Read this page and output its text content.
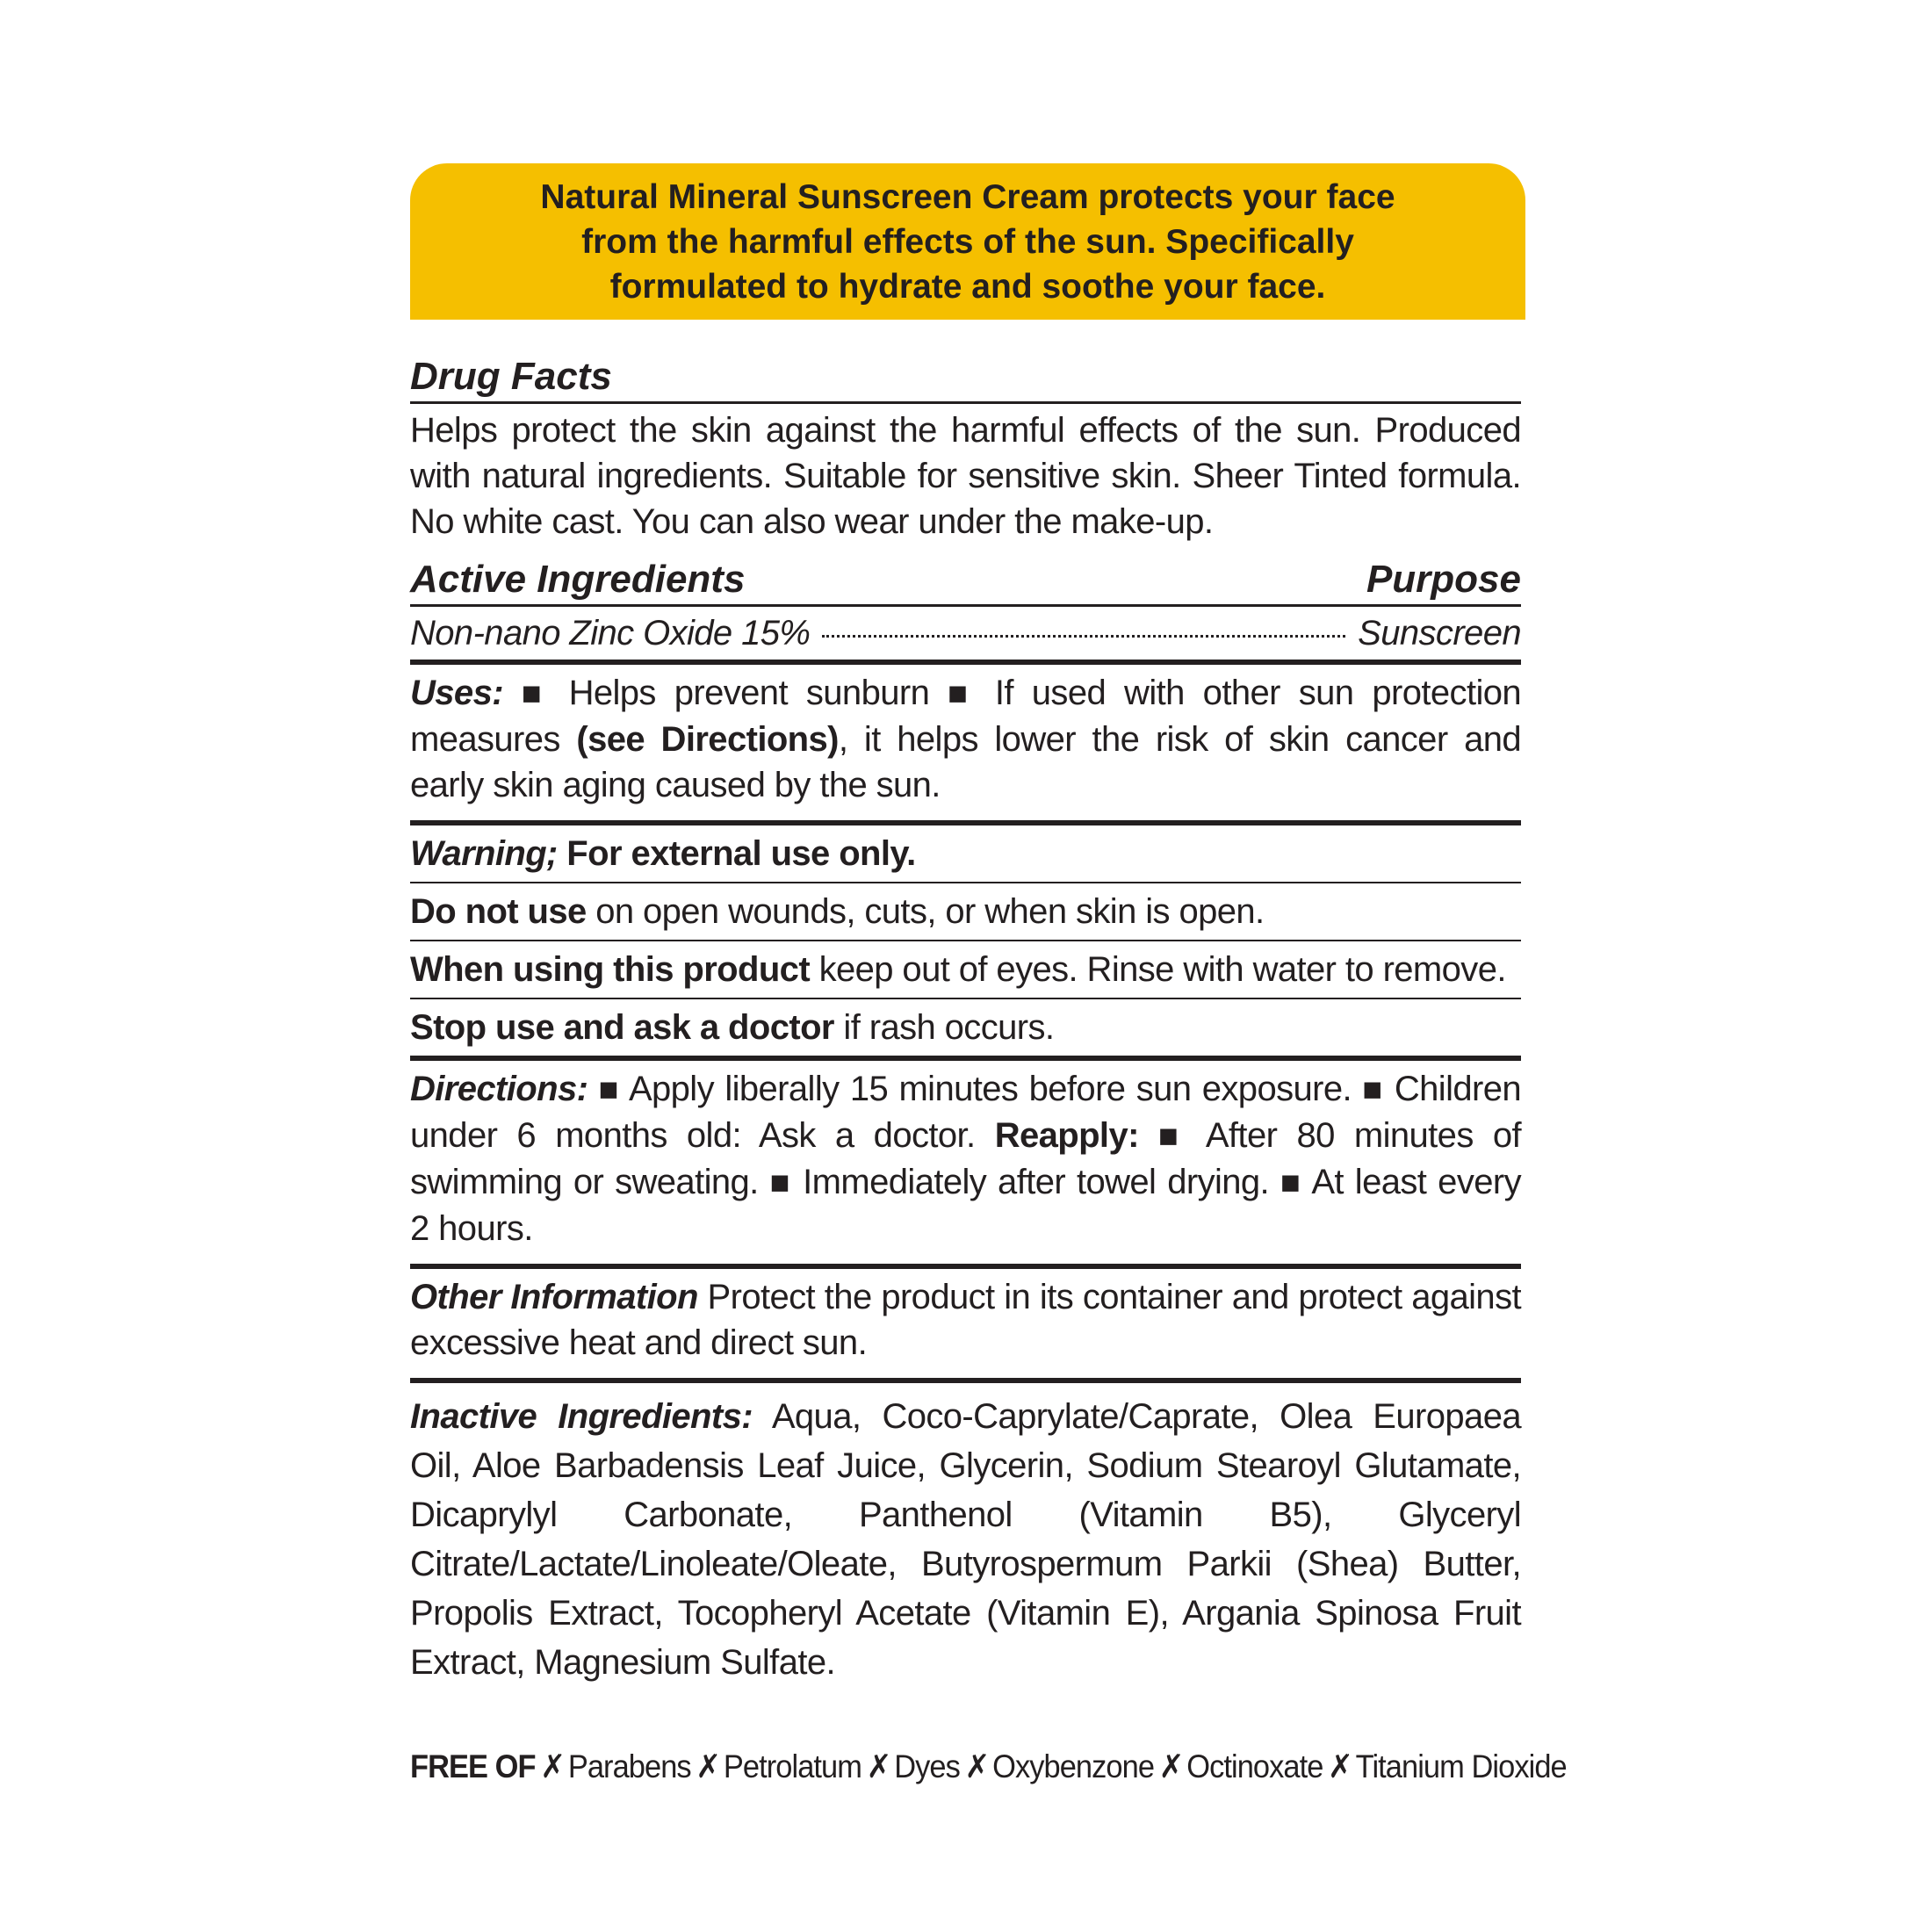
Natural Mineral Sunscreen Cream protects your face
from the harmful effects of the sun. Specifically
formulated to hydrate and soothe your face.
Drug Facts
Helps protect the skin against the harmful effects of the sun. Produced with natural ingredients. Suitable for sensitive skin. Sheer Tinted formula. No white cast. You can also wear under the make-up.
Active Ingredients	Purpose
Non-nano Zinc Oxide 15%	Sunscreen
Uses: ■ Helps prevent sunburn ■ If used with other sun protection measures (see Directions), it helps lower the risk of skin cancer and early skin aging caused by the sun.
Warning; For external use only.
Do not use on open wounds, cuts, or when skin is open.
When using this product keep out of eyes. Rinse with water to remove.
Stop use and ask a doctor if rash occurs.
Directions: ■ Apply liberally 15 minutes before sun exposure. ■ Children under 6 months old: Ask a doctor. Reapply: ■ After 80 minutes of swimming or sweating. ■ Immediately after towel drying. ■ At least every 2 hours.
Other Information Protect the product in its container and protect against excessive heat and direct sun.
Inactive Ingredients: Aqua, Coco-Caprylate/Caprate, Olea Europaea Oil, Aloe Barbadensis Leaf Juice, Glycerin, Sodium Stearoyl Glutamate, Dicaprylyl Carbonate, Panthenol (Vitamin B5), Glyceryl Citrate/Lactate/Linoleate/Oleate, Butyrospermum Parkii (Shea) Butter, Propolis Extract, Tocopheryl Acetate (Vitamin E), Argania Spinosa Fruit Extract, Magnesium Sulfate.
FREE OF ✗ Parabens ✗ Petrolatum ✗ Dyes ✗ Oxybenzone ✗ Octinoxate ✗ Titanium Dioxide
